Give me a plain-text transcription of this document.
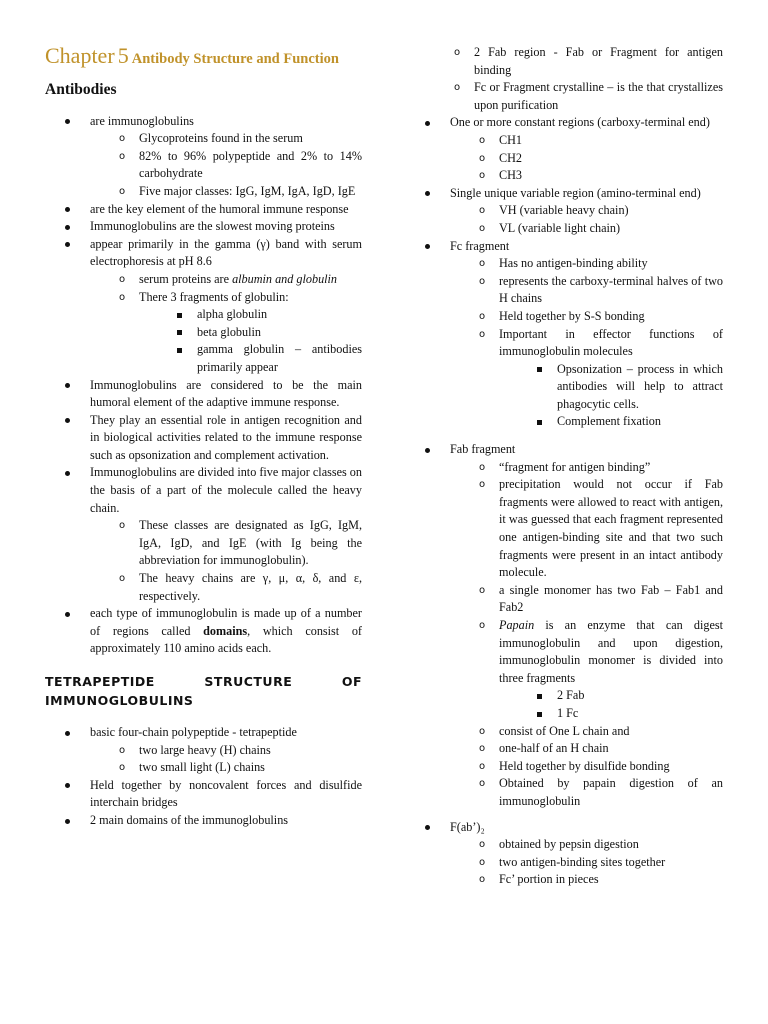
Chapter 5 Antibody Structure and Function
Antibodies
are immunoglobulins
o Glycoproteins found in the serum
o 82% to 96% polypeptide and 2% to 14% carbohydrate
o Five major classes: IgG, IgM, IgA, IgD, IgE
are the key element of the humoral immune response
Immunoglobulins are the slowest moving proteins
appear primarily in the gamma (γ) band with serum electrophoresis at pH 8.6
o serum proteins are albumin and globulin
o There 3 fragments of globulin:
alpha globulin
beta globulin
gamma globulin – antibodies primarily appear
Immunoglobulins are considered to be the main humoral element of the adaptive immune response.
They play an essential role in antigen recognition and in biological activities related to the immune response such as opsonization and complement activation.
Immunoglobulins are divided into five major classes on the basis of a part of the molecule called the heavy chain.
o These classes are designated as IgG, IgM, IgA, IgD, and IgE (with Ig being the abbreviation for immunoglobulin).
o The heavy chains are γ, μ, α, δ, and ε, respectively.
each type of immunoglobulin is made up of a number of regions called domains, which consist of approximately 110 amino acids each.
TETRAPEPTIDE	STRUCTURE	OF
IMMUNOGLOBULINS
basic four-chain polypeptide - tetrapeptide
o two large heavy (H) chains
o two small light (L) chains
Held together by noncovalent forces and disulfide interchain bridges
2 main domains of the immunoglobulins
o 2 Fab region - Fab or Fragment for antigen binding
o Fc or Fragment crystalline – is the that crystallizes upon purification
One or more constant regions (carboxy-terminal end)
o CH1
o CH2
o CH3
Single unique variable region (amino-terminal end)
o VH (variable heavy chain)
o VL (variable light chain)
Fc fragment
o Has no antigen-binding ability
o represents the carboxy-terminal halves of two H chains
o Held together by S-S bonding
o Important in effector functions of immunoglobulin molecules
Opsonization – process in which antibodies will help to attract phagocytic cells.
Complement fixation
Fab fragment
o “fragment for antigen binding”
o precipitation would not occur if Fab fragments were allowed to react with antigen, it was guessed that each fragment represented one antigen-binding site and that two such fragments were present in an intact antibody molecule.
o a single monomer has two Fab – Fab1 and Fab2
o Papain is an enzyme that can digest immunoglobulin and upon digestion, immunoglobulin monomer is divided into three fragments
2 Fab
1 Fc
o consist of One L chain and
o one-half of an H chain
o Held together by disulfide bonding
o Obtained by papain digestion of an immunoglobulin
F(ab’)₂
o obtained by pepsin digestion
o two antigen-binding sites together
o Fc’ portion in pieces
